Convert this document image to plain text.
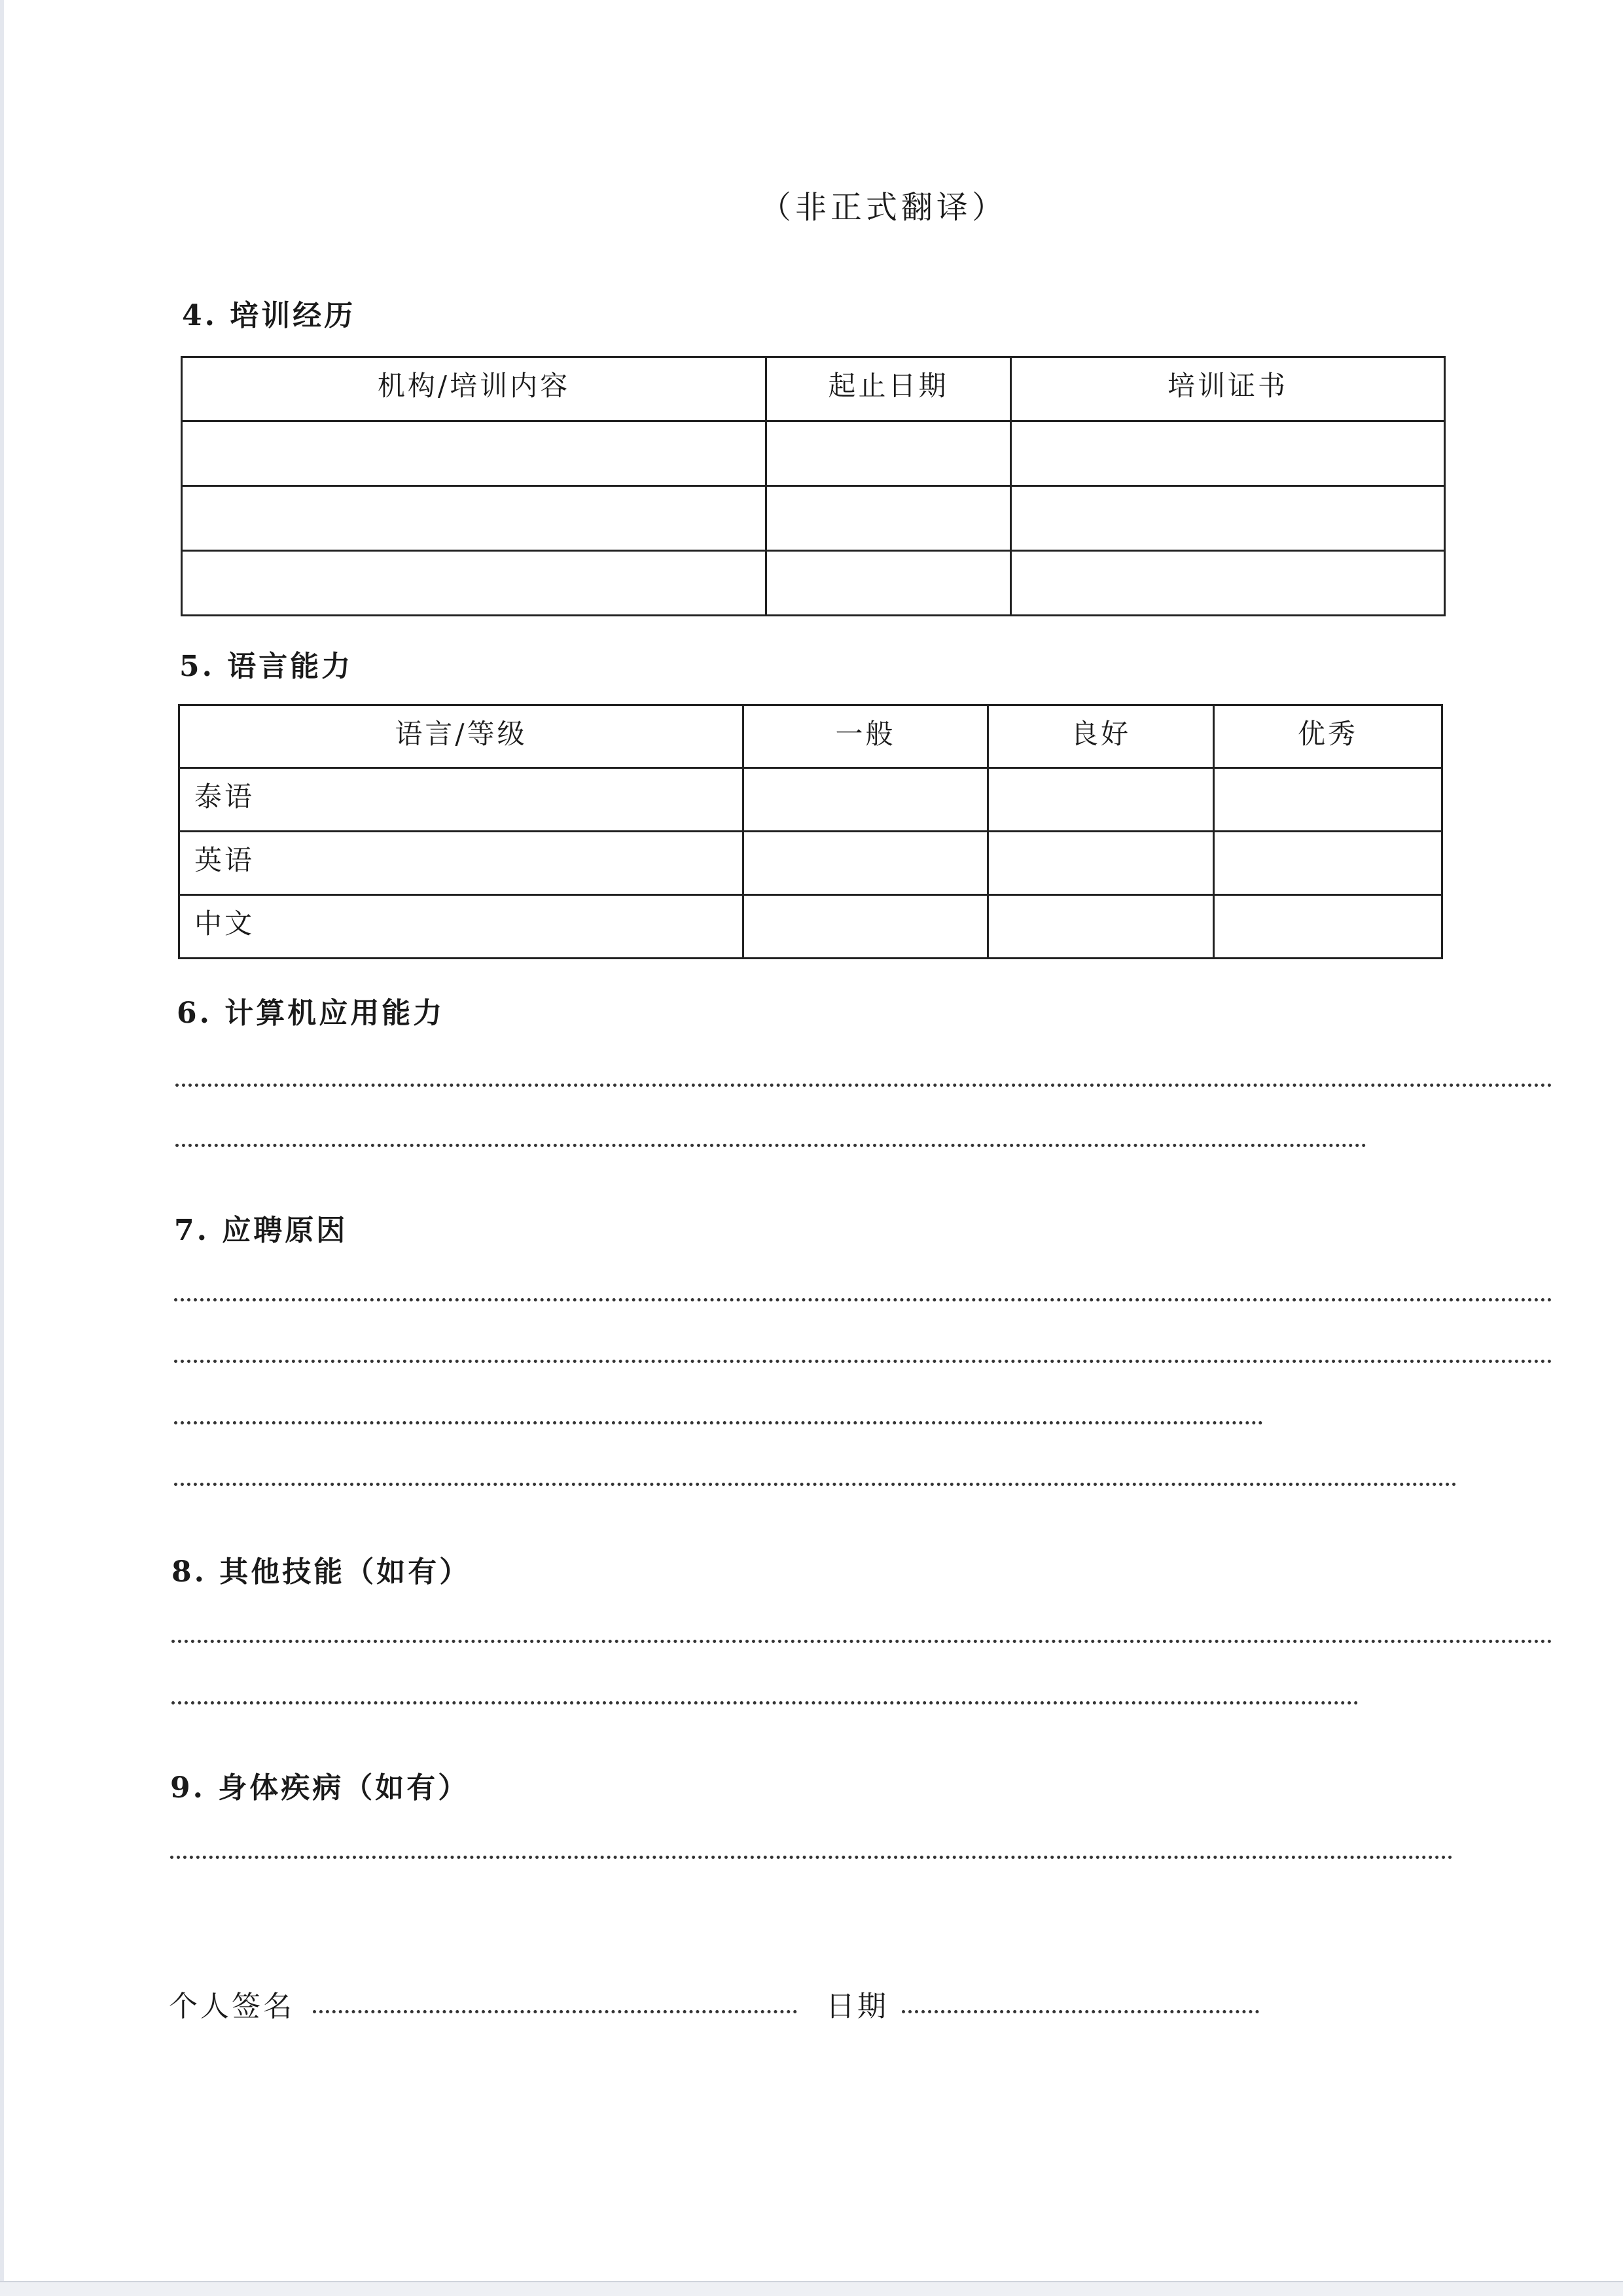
（非正式翻译）
4. 培训经历
机构/培训内容	起止日期	培训证书

5. 语言能力
语言/等级	一般	良好	优秀
泰语			
英语			
中文			
6. 计算机应用能力
7. 应聘原因
8. 其他技能（如有）
9. 身体疾病（如有）
个人签名	日期
